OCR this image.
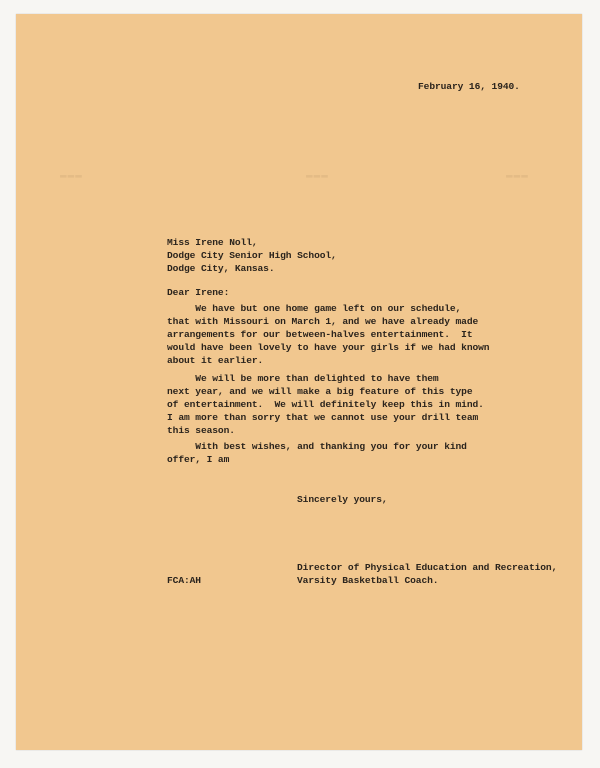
▬▬▬	▬▬▬	▬▬▬
February 16, 1940.
Miss Irene Noll,
Dodge City Senior High School,
Dodge City, Kansas.
Dear Irene:
We have but one home game left on our schedule,
that with Missouri on March 1, and we have already made
arrangements for our between-halves entertainment.  It
would have been lovely to have your girls if we had known
about it earlier.
We will be more than delighted to have them
next year, and we will make a big feature of this type
of entertainment.  We will definitely keep this in mind.
I am more than sorry that we cannot use your drill team
this season.
With best wishes, and thanking you for your kind
offer, I am
Sincerely yours,
Director of Physical Education and Recreation,
Varsity Basketball Coach.
FCA:AH
